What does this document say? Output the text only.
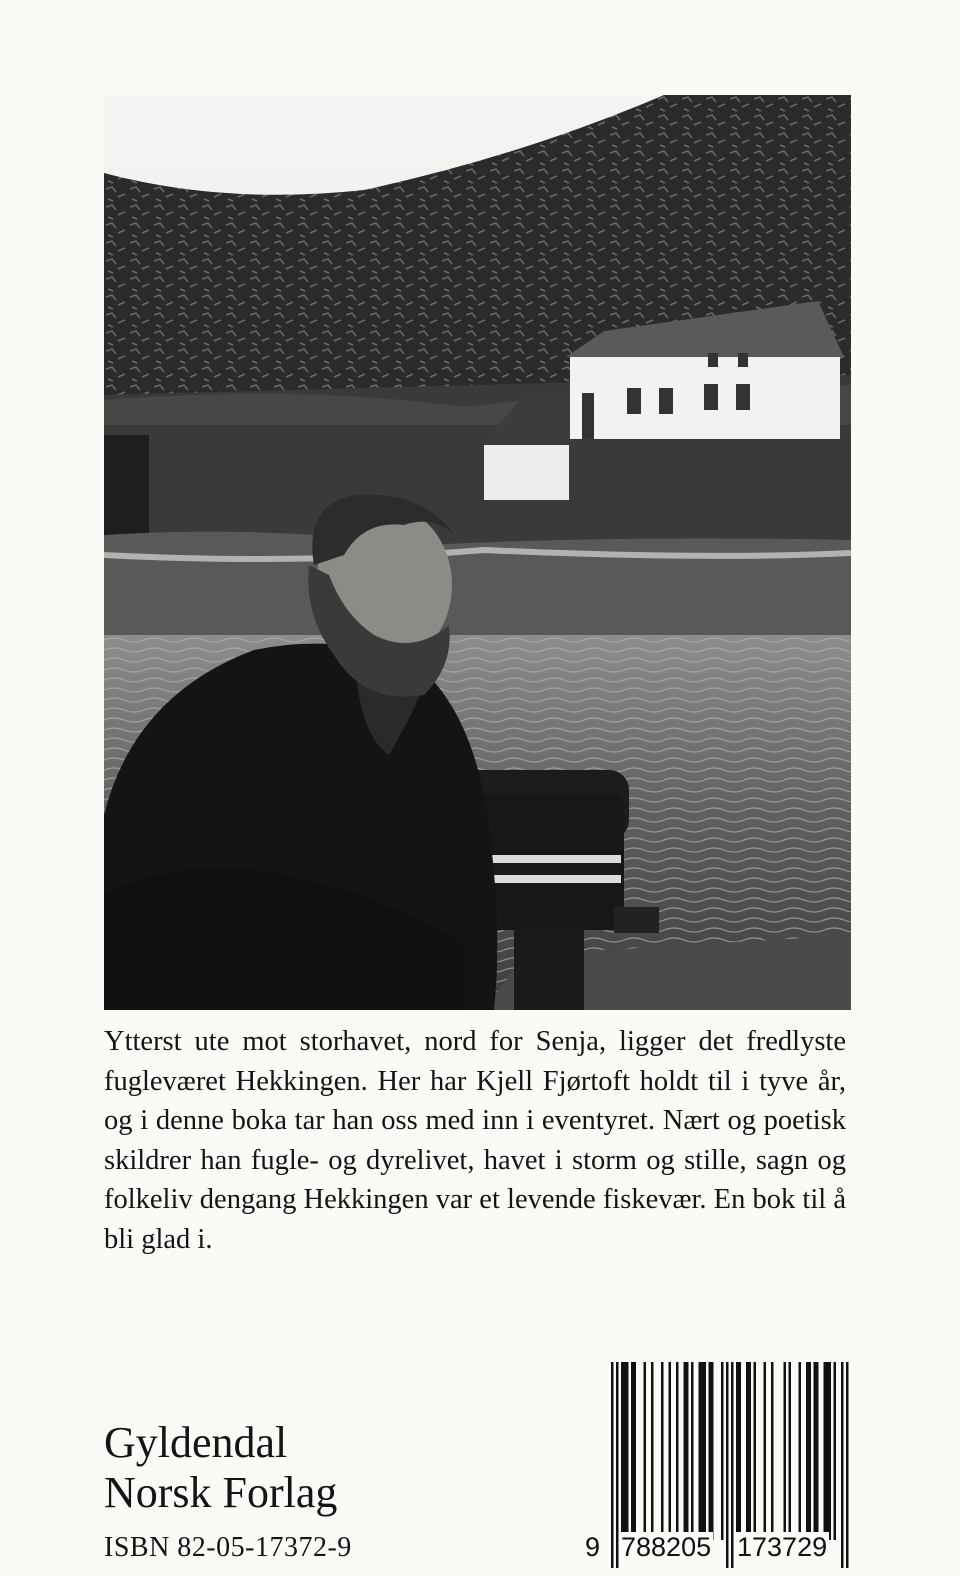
Ytterst ute mot storhavet, nord for Senja, ligger det fredlyste fugleværet Hekkingen. Her har Kjell Fjørtoft holdt til i tyve år, og i denne boka tar han oss med inn i eventyret. Nært og poetisk skildrer han fugle- og dyrelivet, havet i storm og stille, sagn og folkeliv dengang Hekkingen var et levende fiskevær. En bok til å bli glad i.

Gyldendal
Norsk Forlag
ISBN 82-05-17372-9	9 788205 173729
